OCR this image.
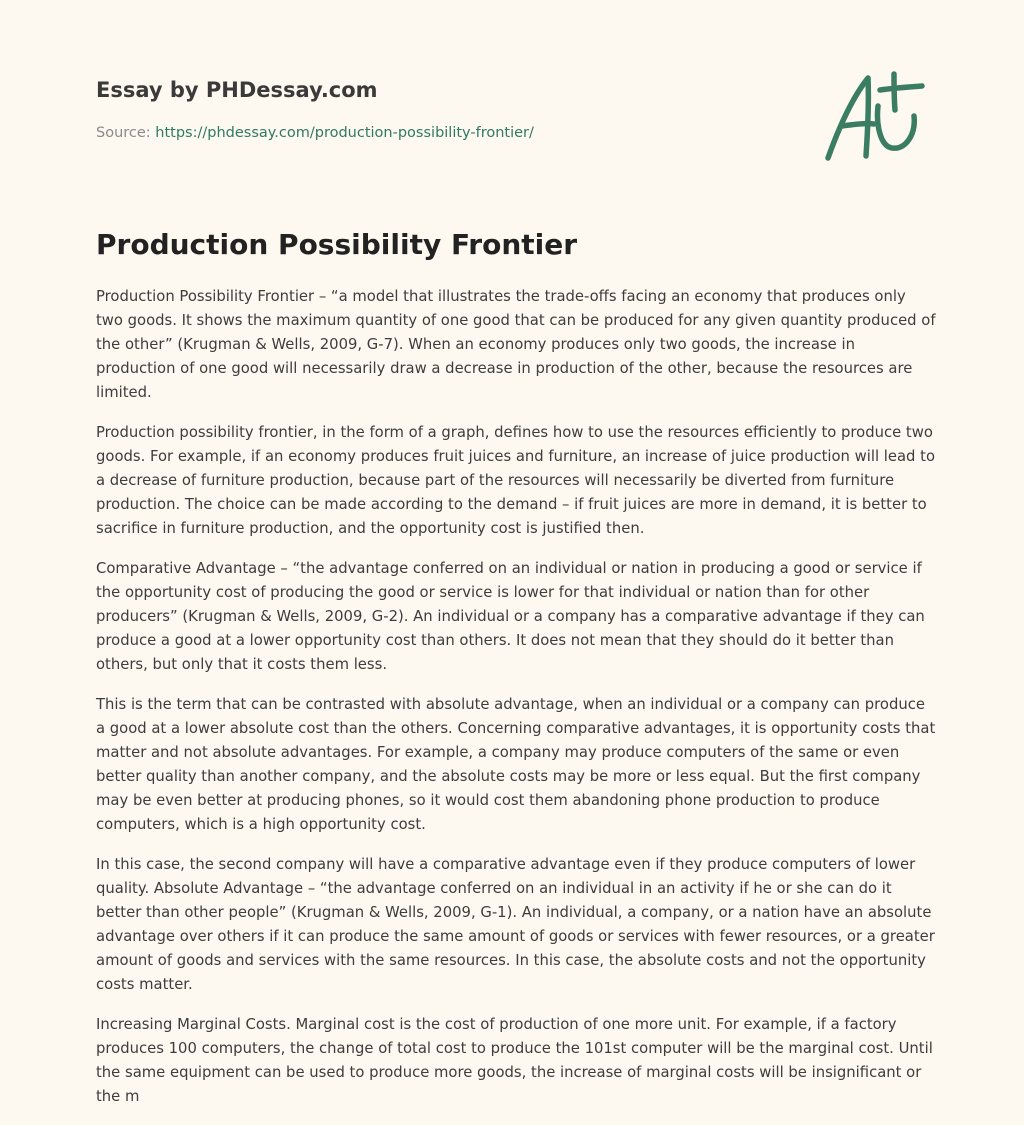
Essay by PHDessay.com
Source: https://phdessay.com/production-possibility-frontier/
Production Possibility Frontier

Production Possibility Frontier – “a model that illustrates the trade-offs facing an economy that produces only two goods. It shows the maximum quantity of one good that can be produced for any given quantity produced of the other” (Krugman & Wells, 2009, G-7). When an economy produces only two goods, the increase in production of one good will necessarily draw a decrease in production of the other, because the resources are limited.

Production possibility frontier, in the form of a graph, defines how to use the resources efficiently to produce two goods. For example, if an economy produces fruit juices and furniture, an increase of juice production will lead to a decrease of furniture production, because part of the resources will necessarily be diverted from furniture production. The choice can be made according to the demand – if fruit juices are more in demand, it is better to sacrifice in furniture production, and the opportunity cost is justified then.

Comparative Advantage – “the advantage conferred on an individual or nation in producing a good or service if the opportunity cost of producing the good or service is lower for that individual or nation than for other producers” (Krugman & Wells, 2009, G-2). An individual or a company has a comparative advantage if they can produce a good at a lower opportunity cost than others. It does not mean that they should do it better than others, but only that it costs them less.

This is the term that can be contrasted with absolute advantage, when an individual or a company can produce a good at a lower absolute cost than the others. Concerning comparative advantages, it is opportunity costs that matter and not absolute advantages. For example, a company may produce computers of the same or even better quality than another company, and the absolute costs may be more or less equal. But the first company may be even better at producing phones, so it would cost them abandoning phone production to produce computers, which is a high opportunity cost.

In this case, the second company will have a comparative advantage even if they produce computers of lower quality. Absolute Advantage – “the advantage conferred on an individual in an activity if he or she can do it better than other people” (Krugman & Wells, 2009, G-1). An individual, a company, or a nation have an absolute advantage over others if it can produce the same amount of goods or services with fewer resources, or a greater amount of goods and services with the same resources. In this case, the absolute costs and not the opportunity costs matter.

Increasing Marginal Costs. Marginal cost is the cost of production of one more unit. For example, if a factory produces 100 computers, the change of total cost to produce the 101st computer will be the marginal cost. Until the same equipment can be used to produce more goods, the increase of marginal costs will be insignificant or the m
